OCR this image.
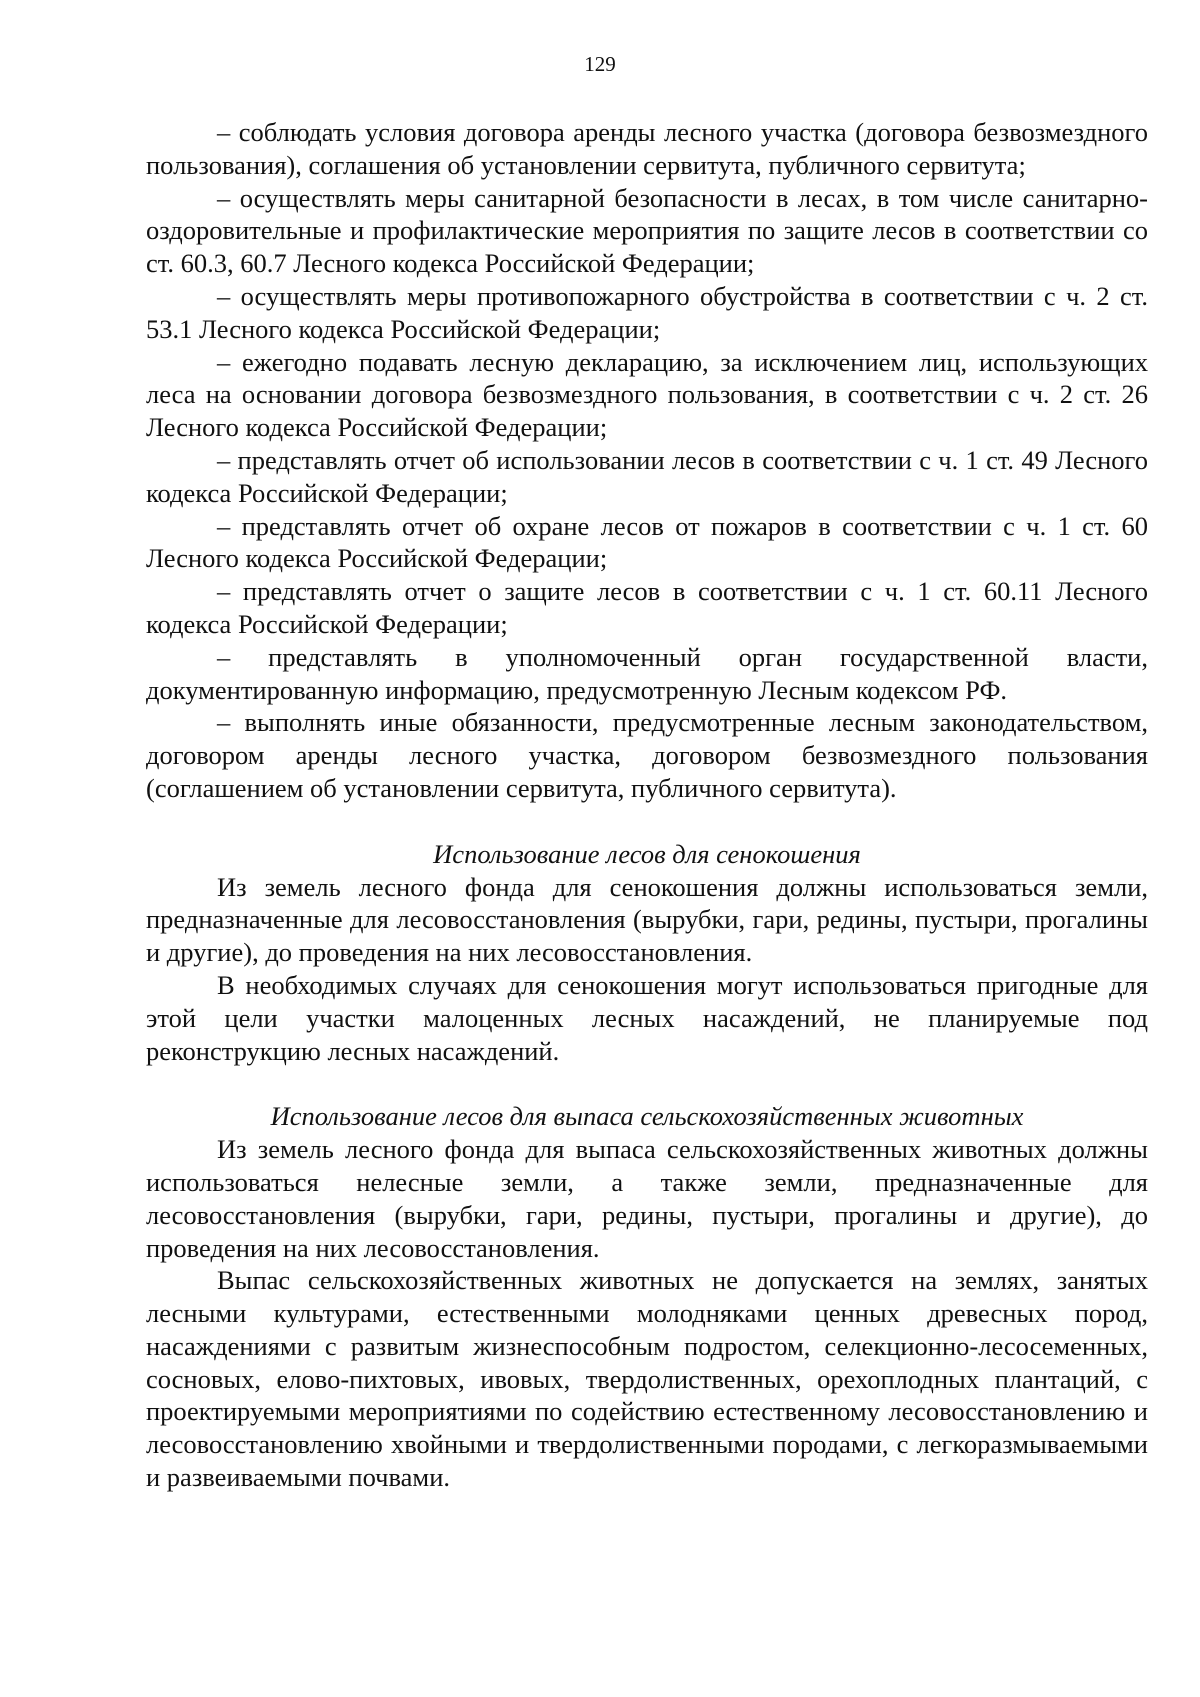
129

– соблюдать условия договора аренды лесного участка (договора безвозмездного пользования), соглашения об установлении сервитута, публичного сервитута;

– осуществлять меры санитарной безопасности в лесах, в том числе санитарно-оздоровительные и профилактические мероприятия по защите лесов в соответствии со ст. 60.3, 60.7 Лесного кодекса Российской Федерации;

– осуществлять меры противопожарного обустройства в соответствии с ч. 2 ст. 53.1 Лесного кодекса Российской Федерации;

– ежегодно подавать лесную декларацию, за исключением лиц, использующих леса на основании договора безвозмездного пользования, в соответствии с ч. 2 ст. 26 Лесного кодекса Российской Федерации;

– представлять отчет об использовании лесов в соответствии с ч. 1 ст. 49 Лесного кодекса Российской Федерации;

– представлять отчет об охране лесов от пожаров в соответствии с ч. 1 ст. 60 Лесного кодекса Российской Федерации;

– представлять отчет о защите лесов в соответствии с ч. 1 ст. 60.11 Лесного кодекса Российской Федерации;

– представлять в уполномоченный орган государственной власти, документированную информацию, предусмотренную Лесным кодексом РФ.

– выполнять иные обязанности, предусмотренные лесным законодательством, договором аренды лесного участка, договором безвозмездного пользования (соглашением об установлении сервитута, публичного сервитута).

Использование лесов для сенокошения

Из земель лесного фонда для сенокошения должны использоваться земли, предназначенные для лесовосстановления (вырубки, гари, редины, пустыри, прогалины и другие), до проведения на них лесовосстановления.

В необходимых случаях для сенокошения могут использоваться пригодные для этой цели участки малоценных лесных насаждений, не планируемые под реконструкцию лесных насаждений.

Использование лесов для выпаса сельскохозяйственных животных

Из земель лесного фонда для выпаса сельскохозяйственных животных должны использоваться нелесные земли, а также земли, предназначенные для лесовосстановления (вырубки, гари, редины, пустыри, прогалины и другие), до проведения на них лесовосстановления.

Выпас сельскохозяйственных животных не допускается на землях, занятых лесными культурами, естественными молодняками ценных древесных пород, насаждениями с развитым жизнеспособным подростом, селекционно-лесосеменных, сосновых, елово-пихтовых, ивовых, твердолиственных, орехоплодных плантаций, с проектируемыми мероприятиями по содействию естественному лесовосстановлению и лесовосстановлению хвойными и твердолиственными породами, с легкоразмываемыми и развеиваемыми почвами.
